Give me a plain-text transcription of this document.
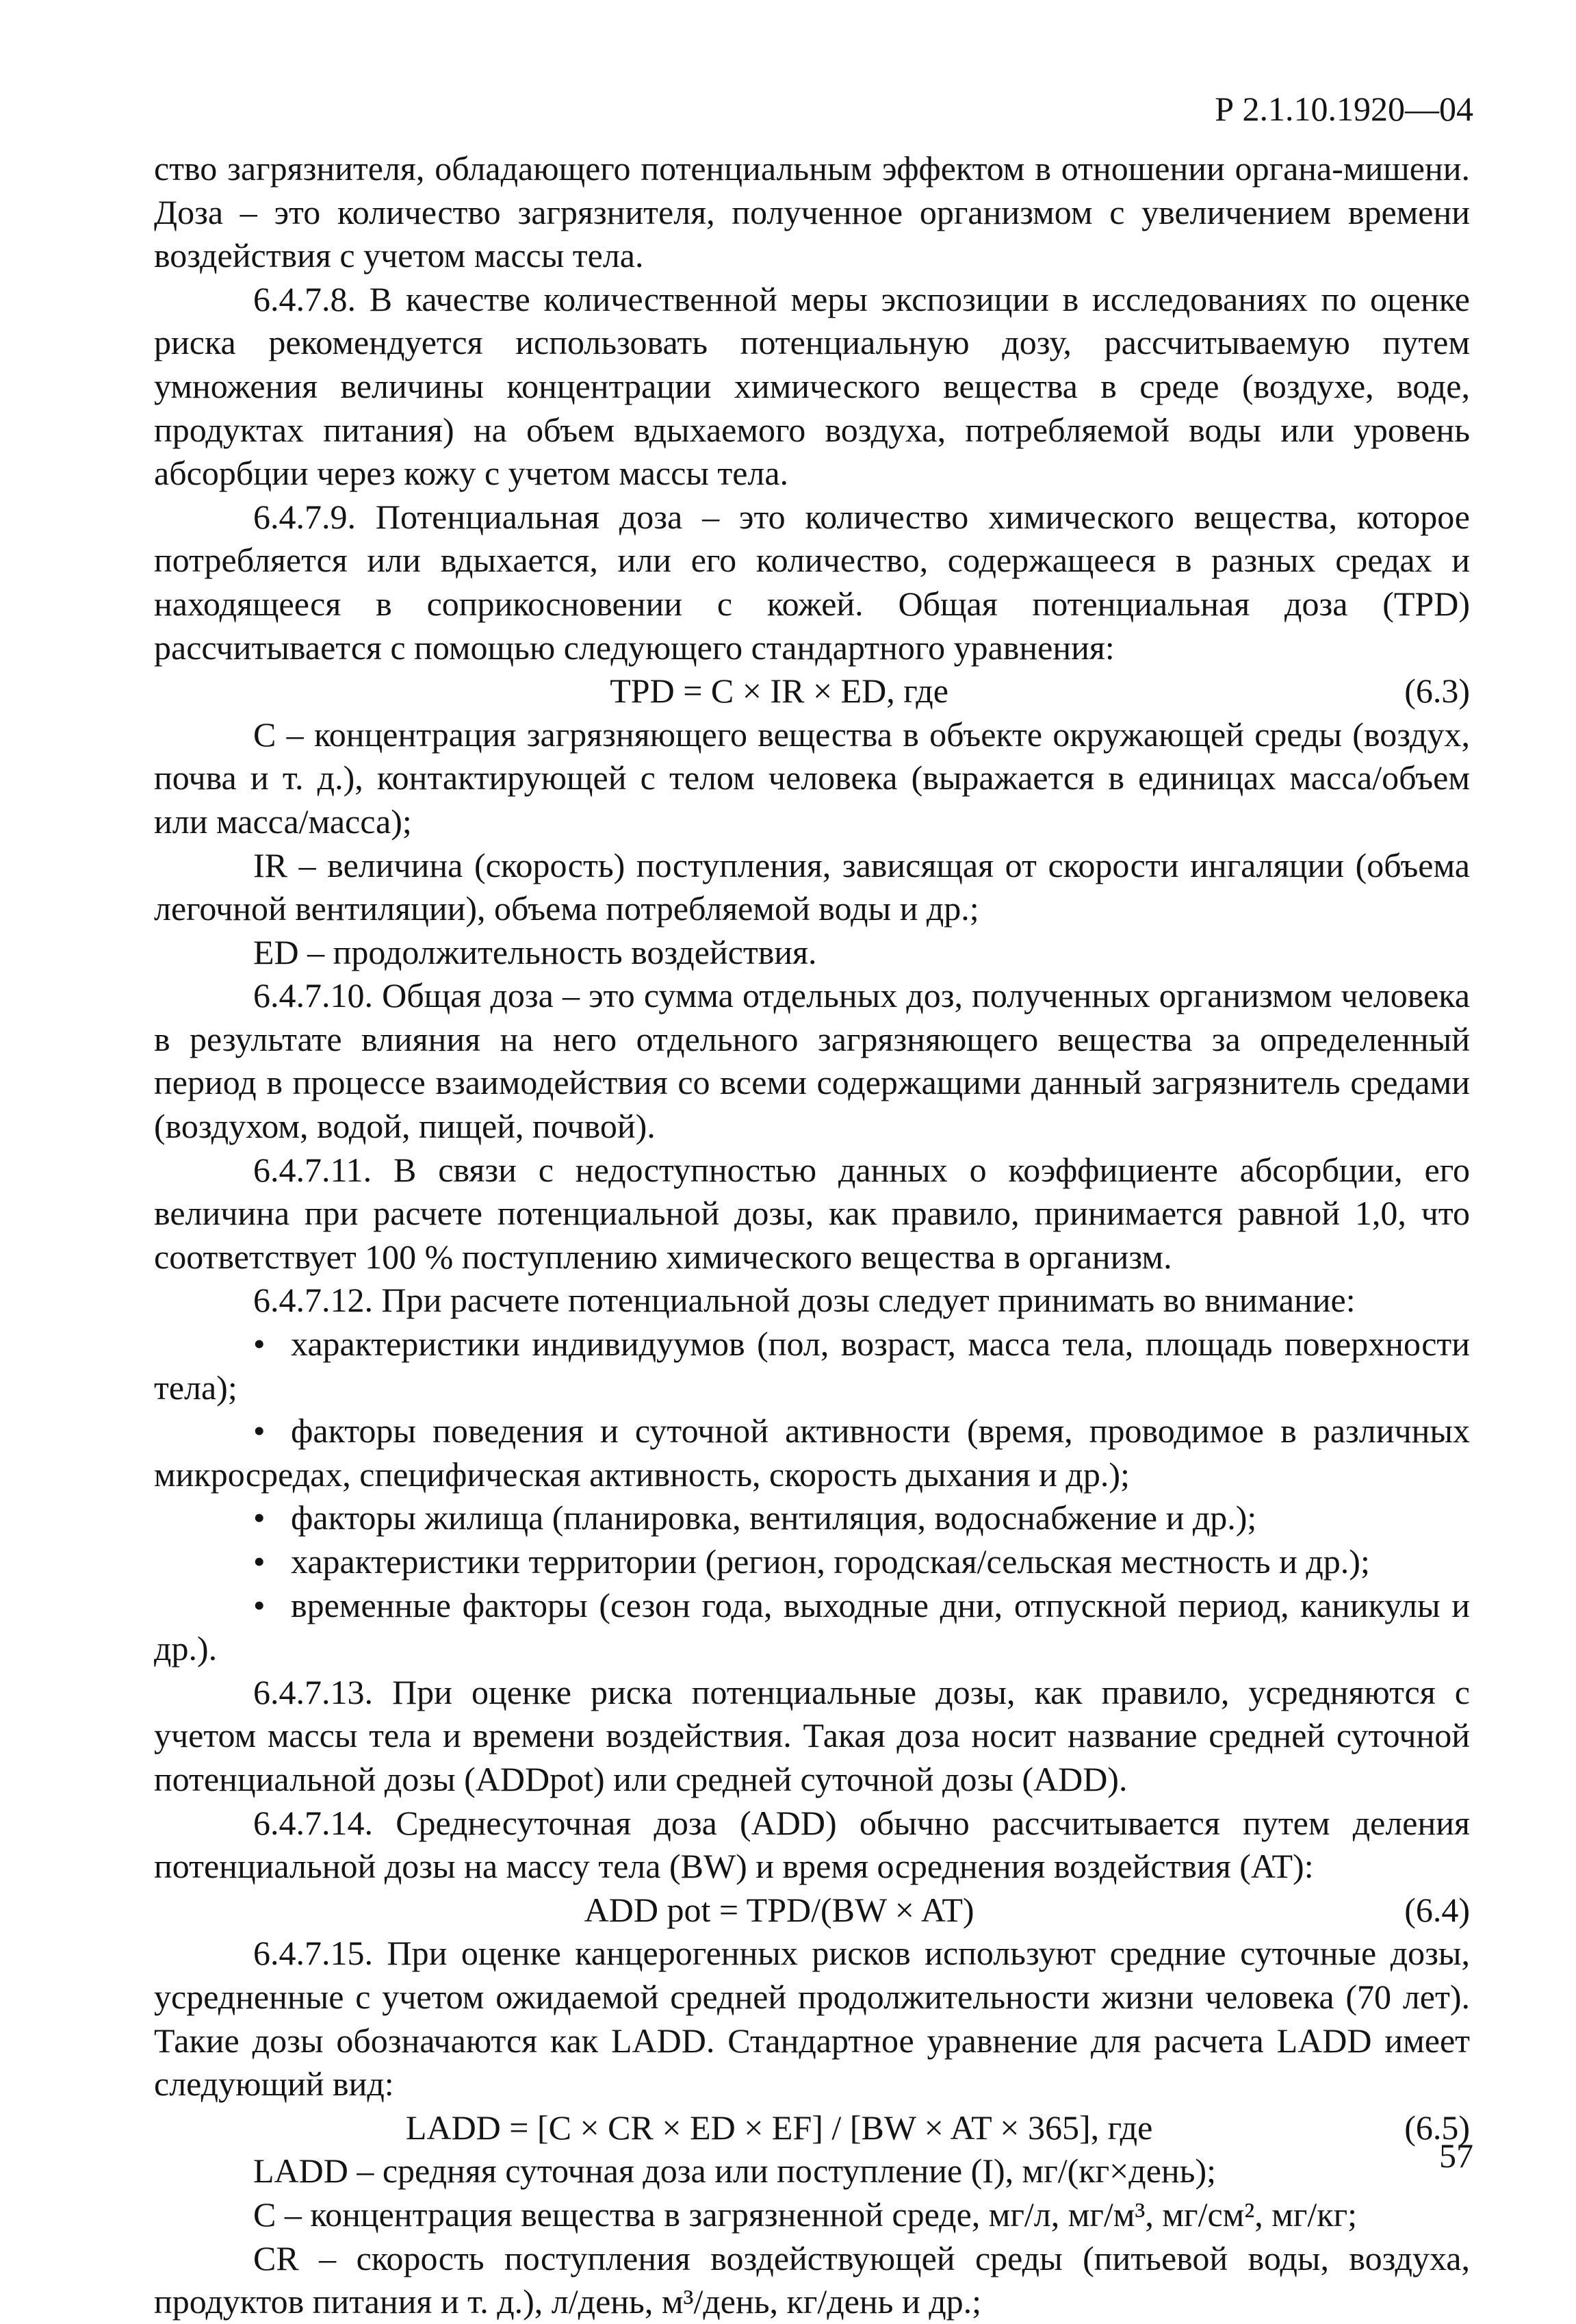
Р 2.1.10.1920—04

ство загрязнителя, обладающего потенциальным эффектом в отношении органа-мишени. Доза – это количество загрязнителя, полученное организмом с увеличением времени воздействия с учетом массы тела.

6.4.7.8. В качестве количественной меры экспозиции в исследованиях по оценке риска рекомендуется использовать потенциальную дозу, рассчитываемую путем умножения величины концентрации химического вещества в среде (воздухе, воде, продуктах питания) на объем вдыхаемого воздуха, потребляемой воды или уровень абсорбции через кожу с учетом массы тела.

6.4.7.9. Потенциальная доза – это количество химического вещества, которое потребляется или вдыхается, или его количество, содержащееся в разных средах и находящееся в соприкосновении с кожей. Общая потенциальная доза (TPD) рассчитывается с помощью следующего стандартного уравнения:

TPD = C × IR × ED, где	(6.3)

C – концентрация загрязняющего вещества в объекте окружающей среды (воздух, почва и т. д.), контактирующей с телом человека (выражается в единицах масса/объем или масса/масса);

IR – величина (скорость) поступления, зависящая от скорости ингаляции (объема легочной вентиляции), объема потребляемой воды и др.;

ED – продолжительность воздействия.

6.4.7.10. Общая доза – это сумма отдельных доз, полученных организмом человека в результате влияния на него отдельного загрязняющего вещества за определенный период в процессе взаимодействия со всеми содержащими данный загрязнитель средами (воздухом, водой, пищей, почвой).

6.4.7.11. В связи с недоступностью данных о коэффициенте абсорбции, его величина при расчете потенциальной дозы, как правило, принимается равной 1,0, что соответствует 100 % поступлению химического вещества в организм.

6.4.7.12. При расчете потенциальной дозы следует принимать во внимание:

• характеристики индивидуумов (пол, возраст, масса тела, площадь поверхности тела);

• факторы поведения и суточной активности (время, проводимое в различных микросредах, специфическая активность, скорость дыхания и др.);

• факторы жилища (планировка, вентиляция, водоснабжение и др.);

• характеристики территории (регион, городская/сельская местность и др.);

• временные факторы (сезон года, выходные дни, отпускной период, каникулы и др.).

6.4.7.13. При оценке риска потенциальные дозы, как правило, усредняются с учетом массы тела и времени воздействия. Такая доза носит название средней суточной потенциальной дозы (ADDpot) или средней суточной дозы (ADD).

6.4.7.14. Среднесуточная доза (ADD) обычно рассчитывается путем деления потенциальной дозы на массу тела (BW) и время осреднения воздействия (AT):

ADD pot = TPD/(BW × AT)	(6.4)

6.4.7.15. При оценке канцерогенных рисков используют средние суточные дозы, усредненные с учетом ожидаемой средней продолжительности жизни человека (70 лет). Такие дозы обозначаются как LADD. Стандартное уравнение для расчета LADD имеет следующий вид:

LADD = [C × CR × ED × EF] / [BW × AT × 365], где	(6.5)

LADD – средняя суточная доза или поступление (I), мг/(кг×день);

C – концентрация вещества в загрязненной среде, мг/л, мг/м³, мг/см², мг/кг;

CR – скорость поступления воздействующей среды (питьевой воды, воздуха, продуктов питания и т. д.), л/день, м³/день, кг/день и др.;

57
